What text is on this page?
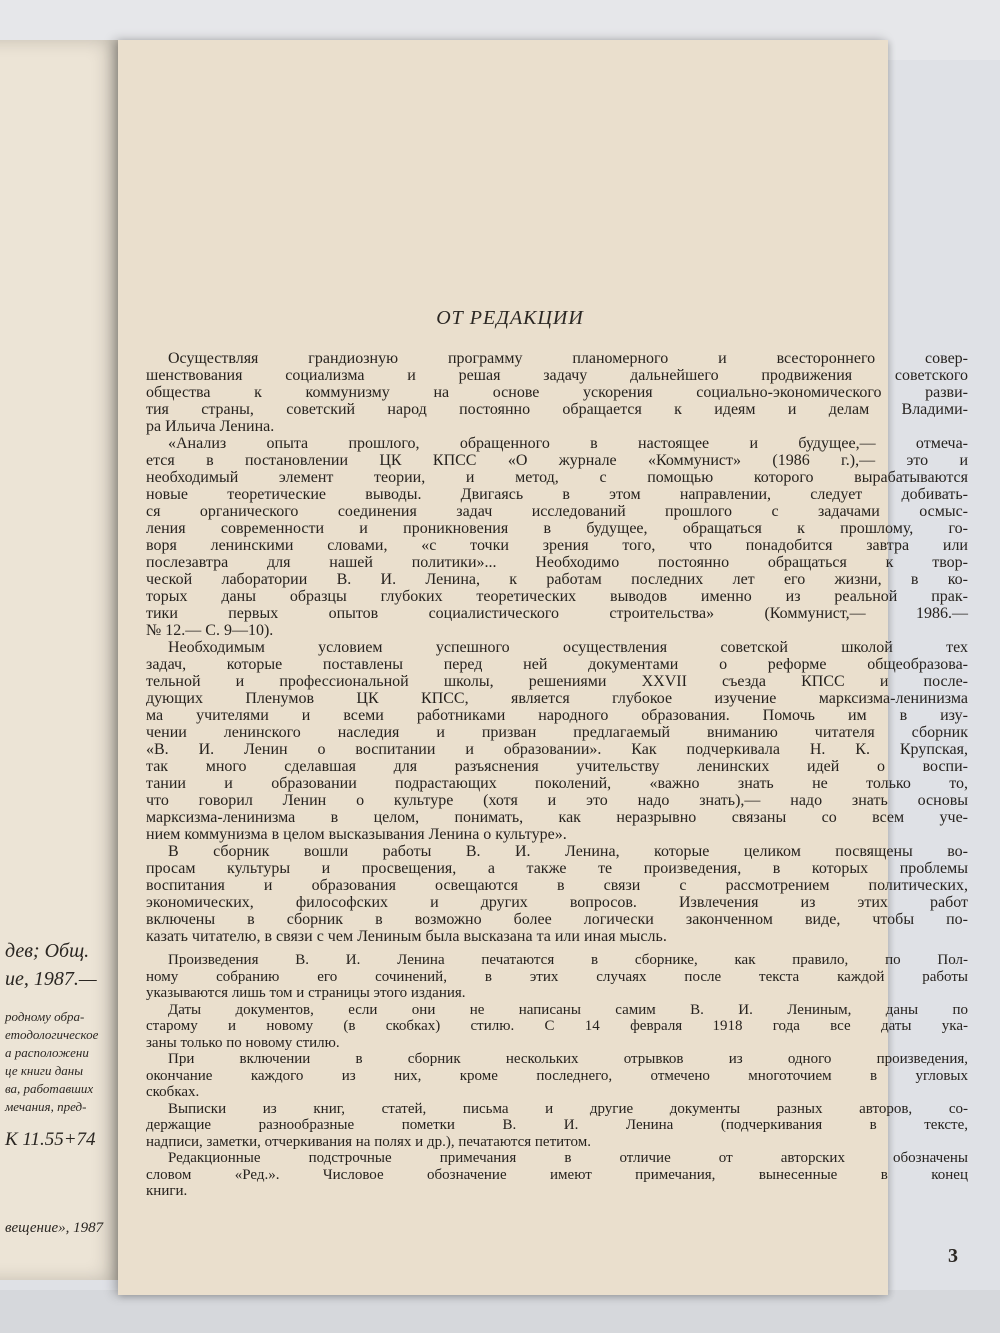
дев; Общ.
ие, 1987.—
родному обра-
етодологическое
а расположени
це книги даны
ва, работавших
мечания, пред-
К 11.55+74
вещение», 1987
ОТ РЕДАКЦИИ
Осуществляя грандиозную программу планомерного и всестороннего совер-
шенствования социализма и решая задачу дальнейшего продвижения советского
общества к коммунизму на основе ускорения социально-экономического разви-
тия страны, советский народ постоянно обращается к идеям и делам Владими-
ра Ильича Ленина.
«Анализ опыта прошлого, обращенного в настоящее и будущее,— отмеча-
ется в постановлении ЦК КПСС «О журнале «Коммунист» (1986 г.),— это и
необходимый элемент теории, и метод, с помощью которого вырабатываются
новые теоретические выводы. Двигаясь в этом направлении, следует добивать-
ся органического соединения задач исследований прошлого с задачами осмыс-
ления современности и проникновения в будущее, обращаться к прошлому, го-
воря ленинскими словами, «с точки зрения того, что понадобится завтра или
послезавтра для нашей политики»... Необходимо постоянно обращаться к твор-
ческой лаборатории В. И. Ленина, к работам последних лет его жизни, в ко-
торых даны образцы глубоких теоретических выводов именно из реальной прак-
тики первых опытов социалистического строительства» (Коммунист,— 1986.—
№ 12.— С. 9—10).
Необходимым условием успешного осуществления советской школой тех
задач, которые поставлены перед ней документами о реформе общеобразова-
тельной и профессиональной школы, решениями XXVII съезда КПСС и после-
дующих Пленумов ЦК КПСС, является глубокое изучение марксизма-ленинизма
ма учителями и всеми работниками народного образования. Помочь им в изу-
чении ленинского наследия и призван предлагаемый вниманию читателя сборник
«В. И. Ленин о воспитании и образовании». Как подчеркивала Н. К. Крупская,
так много сделавшая для разъяснения учительству ленинских идей о воспи-
тании и образовании подрастающих поколений, «важно знать не только то,
что говорил Ленин о культуре (хотя и это надо знать),— надо знать основы
марксизма-ленинизма в целом, понимать, как неразрывно связаны со всем уче-
нием коммунизма в целом высказывания Ленина о культуре».
В сборник вошли работы В. И. Ленина, которые целиком посвящены во-
просам культуры и просвещения, а также те произведения, в которых проблемы
воспитания и образования освещаются в связи с рассмотрением политических,
экономических, философских и других вопросов. Извлечения из этих работ
включены в сборник в возможно более логически законченном виде, чтобы по-
казать читателю, в связи с чем Лениным была высказана та или иная мысль.
Произведения В. И. Ленина печатаются в сборнике, как правило, по Пол-
ному собранию его сочинений, в этих случаях после текста каждой работы
указываются лишь том и страницы этого издания.
Даты документов, если они не написаны самим В. И. Лениным, даны по
старому и новому (в скобках) стилю. С 14 февраля 1918 года все даты ука-
заны только по новому стилю.
При включении в сборник нескольких отрывков из одного произведения,
окончание каждого из них, кроме последнего, отмечено многоточием в угловых
скобках.
Выписки из книг, статей, письма и другие документы разных авторов, со-
держащие разнообразные пометки В. И. Ленина (подчеркивания в тексте,
надписи, заметки, отчеркивания на полях и др.), печатаются петитом.
Редакционные подстрочные примечания в отличие от авторских обозначены
словом «Ред.». Числовое обозначение имеют примечания, вынесенные в конец
книги.
3
